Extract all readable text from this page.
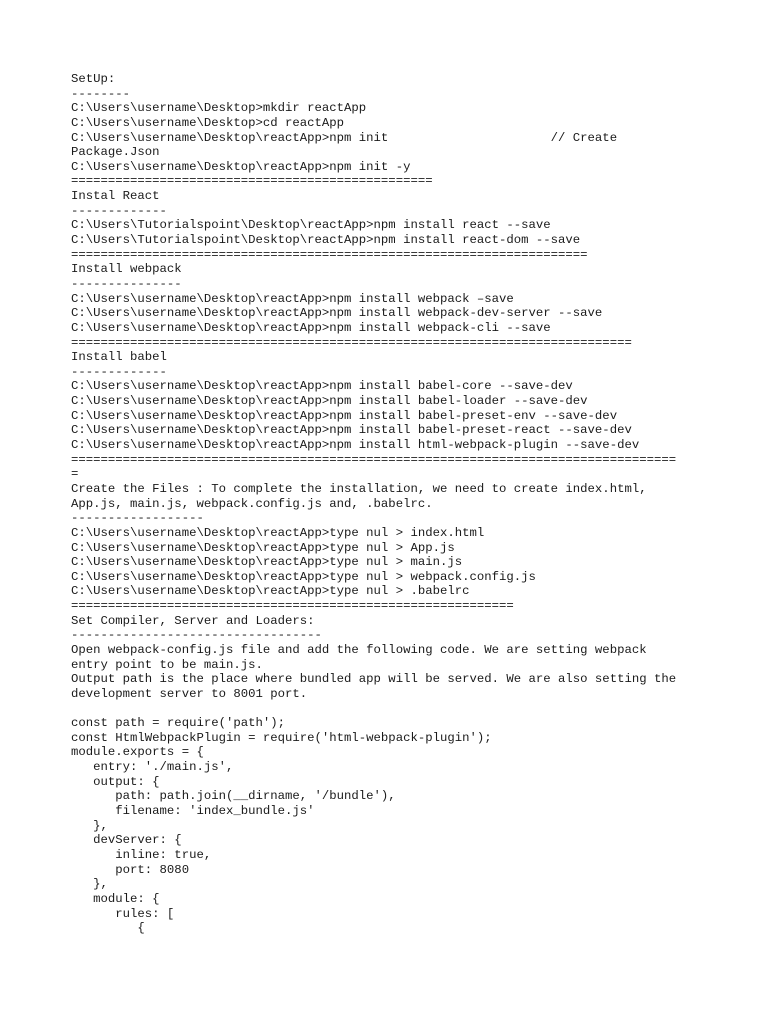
SetUp:
--------
C:\Users\username\Desktop>mkdir reactApp
C:\Users\username\Desktop>cd reactApp
C:\Users\username\Desktop\reactApp>npm init                      // Create
Package.Json
C:\Users\username\Desktop\reactApp>npm init -y
=================================================
Instal React
-------------
C:\Users\Tutorialspoint\Desktop\reactApp>npm install react --save
C:\Users\Tutorialspoint\Desktop\reactApp>npm install react-dom --save
======================================================================
Install webpack
---------------
C:\Users\username\Desktop\reactApp>npm install webpack –save
C:\Users\username\Desktop\reactApp>npm install webpack-dev-server --save
C:\Users\username\Desktop\reactApp>npm install webpack-cli --save
============================================================================
Install babel
-------------
C:\Users\username\Desktop\reactApp>npm install babel-core --save-dev
C:\Users\username\Desktop\reactApp>npm install babel-loader --save-dev
C:\Users\username\Desktop\reactApp>npm install babel-preset-env --save-dev
C:\Users\username\Desktop\reactApp>npm install babel-preset-react --save-dev
C:\Users\username\Desktop\reactApp>npm install html-webpack-plugin --save-dev
==================================================================================
=
Create the Files : To complete the installation, we need to create index.html,
App.js, main.js, webpack.config.js and, .babelrc.
------------------
C:\Users\username\Desktop\reactApp>type nul > index.html
C:\Users\username\Desktop\reactApp>type nul > App.js
C:\Users\username\Desktop\reactApp>type nul > main.js
C:\Users\username\Desktop\reactApp>type nul > webpack.config.js
C:\Users\username\Desktop\reactApp>type nul > .babelrc
============================================================
Set Compiler, Server and Loaders:
----------------------------------
Open webpack-config.js file and add the following code. We are setting webpack
entry point to be main.js.
Output path is the place where bundled app will be served. We are also setting the
development server to 8001 port.
const path = require('path');
const HtmlWebpackPlugin = require('html-webpack-plugin');
module.exports = {
entry: './main.js',
output: {
path: path.join(__dirname, '/bundle'),
filename: 'index_bundle.js'
},
devServer: {
inline: true,
port: 8080
},
module: {
rules: [
{
